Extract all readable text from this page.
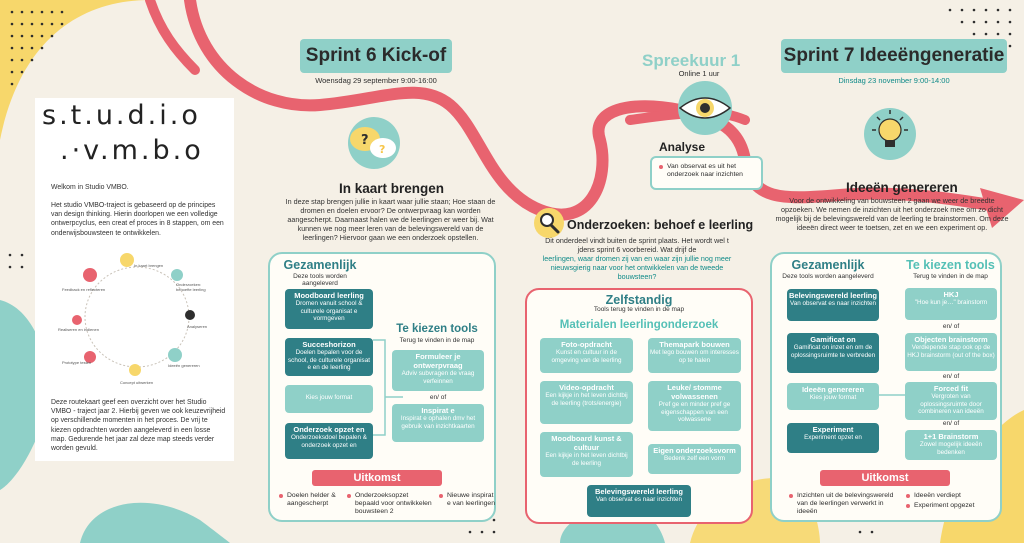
s.t.u.d.i.o
.·v.m.b.o
Welkom in Studio VMBO.
Het studio VMBO-traject is gebaseerd op de principes van design thinking. Hierin doorlopen we een volledige ontwerpcyclus, een creat ef proces in 8 stappen, om een onderwijsbouwsteen te ontwikkelen.
In kaart brengen
Onderzoeken: behoefte leerling
Analyseren
Ideeën genereren
Concept uitwerken
Prototype testen
Realiseren en indienen
Feedback en reflecteren
Deze routekaart geef een overzicht over het Studio VMBO - traject jaar 2. Hierbij geven we ook keuzevrijheid op verschillende momenten in het proces. De vrij te kiezen opdrachten worden aangeleverd in een losse map. Gedurende het jaar zal deze map steeds verder worden gevuld.
Sprint 6 Kick-of
Woensdag 29 september 9:00-16:00
?
?
In kaart brengen
In deze stap brengen jullie in kaart waar jullie staan; Hoe staan de dromen en doelen ervoor? De ontwerpvraag kan worden aangescherpt. Daarnaast halen we de leerlingen er weer bij. Wat kunnen we nog meer leren van de belevingswereld van de leerlingen? Hiervoor gaan we een onderzoek opstellen.
Gezamenlijk
Deze tools worden aangeleverd
Moodboard leerling
Dromen vanuit school & culturele organisat e vormgeven
Succeshorizon
Doelen bepalen voor de school, de culturele organisat e en de leerling
Kies jouw format
Onderzoek opzet en
Onderzoeksdoel bepalen & onderzoek opzet en
Te kiezen tools
Terug te vinden in de map
Formuleer je ontwerpvraag
Adviv subvragen de vraag verfeinnen
en/ of
Inspirat e
Inspirat e ophalen dmv het gebruik van inzichtkaarten
Uitkomst
Doelen helder & aangescherpt
Onderzoeksopzet bepaald voor ontwikkelen bouwsteen 2
Nieuwe inspirat e van leerlingen
Spreekuur 1
Online 1 uur
Analyse
Van observat es uit het onderzoek naar inzichten
Onderzoeken: behoef e leerling
Dit onderdeel vindt buiten de sprint plaats. Het wordt wel t jdens sprint 6 voorbereid. Wat drijf de
leerlingen, waar dromen zij van en waar zijn jullie nog meer nieuwsgierig naar voor het ontwikkelen van de tweede bouwsteen?
Zelfstandig
Tools terug te vinden in de map
Materialen leerlingonderzoek
Foto-opdracht
Kunst en cultuur in de omgeving van de leerling
Themapark bouwen
Met lego bouwen om interesses op te halen
Video-opdracht
Een kijkje in het leven dichtbij de leerling (trots/energie)
Leuke/ stomme volwassenen
Pref ge en minder pref ge eigenschappen van een volwassene
Moodboard kunst & cultuur
Een kijkje in het leven dichtbij de leerling
Eigen onderzoeksvorm
Bedenk zelf een vorm
Belevingswereld leerling
Van observat es naar inzichten
Sprint 7 Ideeëngeneratie
Dinsdag 23 november 9:00-14:00
Ideeën genereren
Voor de ontwikkeling van bouwsteen 2 gaan we weer de breedte opzoeken. We nemen de inzichten uit het onderzoek mee om zo dicht mogelijk bij de belevingswereld van de leerling te brainstormen. Om deze ideeën direct weer te toetsen, zet en we een experiment op.
Gezamenlijk
Deze tools worden aangeleverd
Belevingswereld leerling
Van observat es naar inzichten
Gamificat on
Gamificat on inzet en om de oplossingsruimte te verbreden
Ideeën genereren
Kies jouw format
Experiment
Experiment opzet en
Te kiezen tools
Terug te vinden in de map
HKJ
"Hoe kun je…" brainstorm
en/ of
Objecten brainstorm
Verdiepende stap ook op de HKJ brainstorm (out of the box)
en/ of
Forced fit
Vergroten van oplossingsruimte door combineren van ideeën
en/ of
1+1 Brainstorm
Zowel mogelijk ideeën bedenken
Uitkomst
Inzichten uit de belevingswereld van de leerlingen verwerkt in ideeën
Ideeën verdiept
Experiment opgezet
